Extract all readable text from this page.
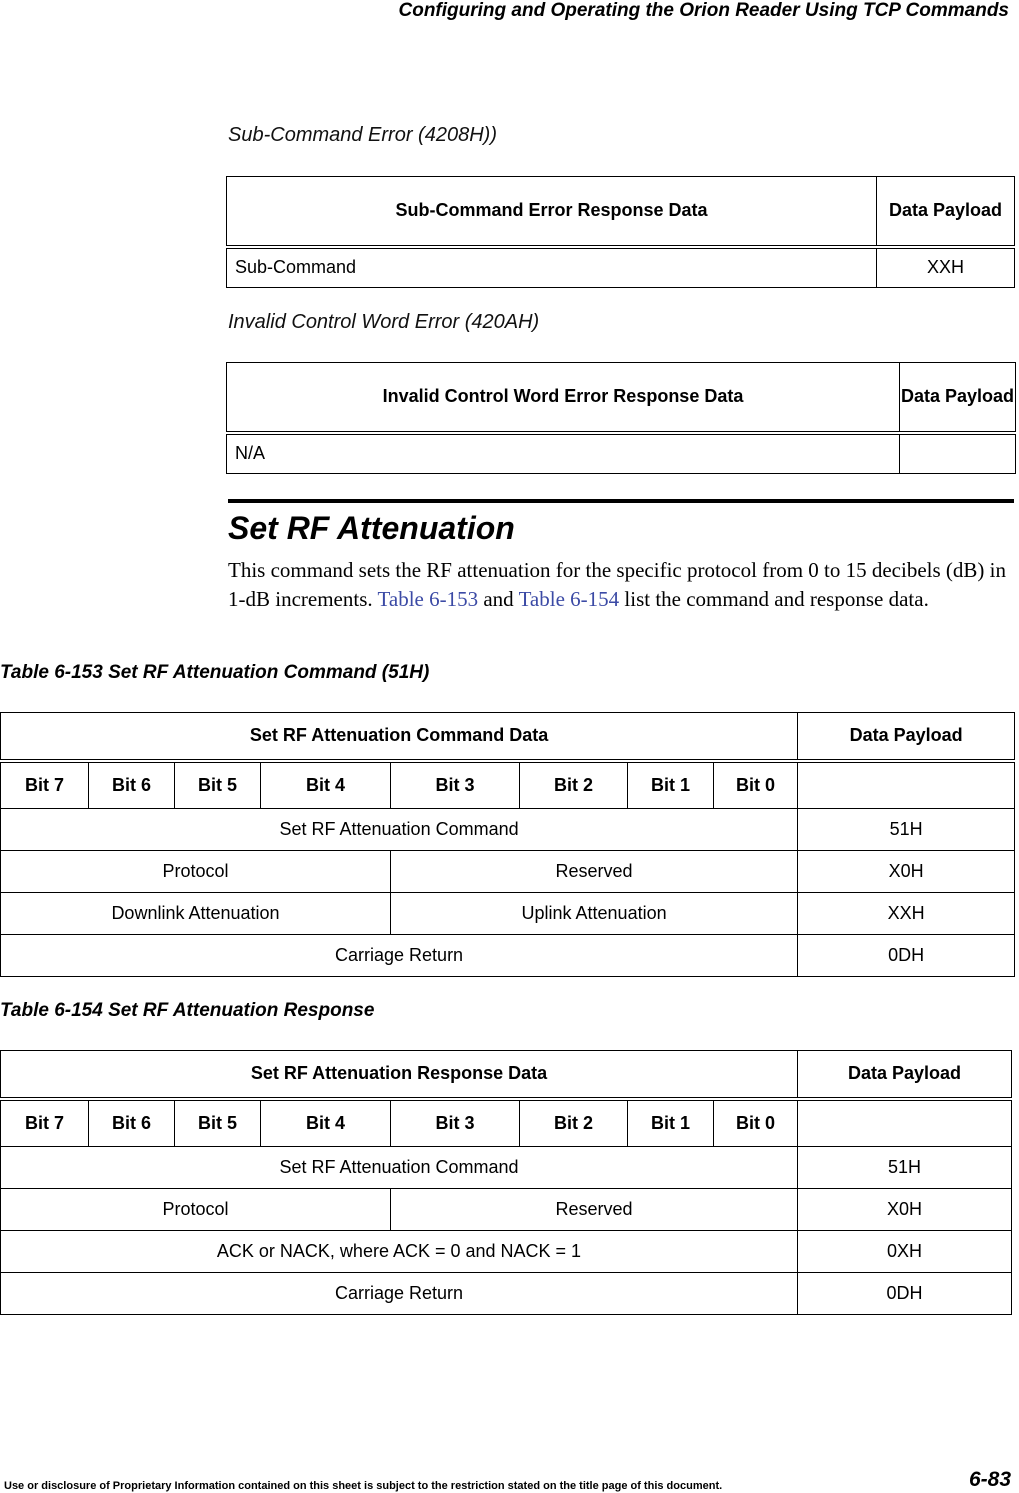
Configuring and Operating the Orion Reader Using TCP Commands
Sub-Command Error (4208H))
Sub-Command Error Response Data	Data Payload
Sub-Command	XXH
Invalid Control Word Error (420AH)
Invalid Control Word Error Response Data	Data Payload
N/A	
Set RF Attenuation
This command sets the RF attenuation for the specific protocol from 0 to 15 decibels (dB) in 1-dB increments. Table 6-153 and Table 6-154 list the command and response data.
Table 6-153 Set RF Attenuation Command (51H)
Set RF Attenuation Command Data								Data Payload
Bit 7	Bit 6	Bit 5	Bit 4	Bit 3	Bit 2	Bit 1	Bit 0	
Set RF Attenuation Command								51H
Protocol				Reserved				X0H
Downlink Attenuation				Uplink Attenuation				XXH
Carriage Return								0DH
Table 6-154 Set RF Attenuation Response
Set RF Attenuation Response Data								Data Payload
Bit 7	Bit 6	Bit 5	Bit 4	Bit 3	Bit 2	Bit 1	Bit 0	
Set RF Attenuation Command								51H
Protocol				Reserved				X0H
ACK or NACK, where ACK = 0 and NACK = 1								0XH
Carriage Return								0DH
Use or disclosure of Proprietary Information contained on this sheet is subject to the restriction stated on the title page of this document.	6-83
